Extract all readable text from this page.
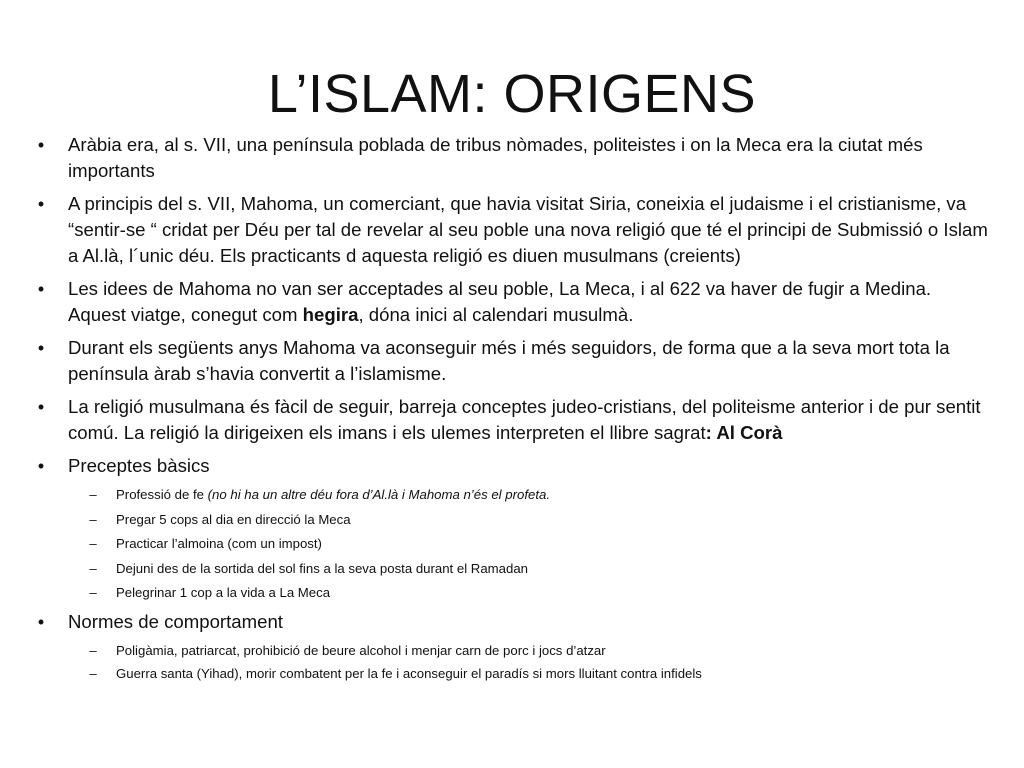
L’ISLAM: ORIGENS
• Aràbia era, al s. VII, una península poblada de tribus nòmades, politeistes i on la Meca era la ciutat més importants
• A principis del s. VII, Mahoma, un comerciant, que havia visitat Siria, coneixia el judaisme i el cristianisme, va “sentir-se “ cridat per Déu per tal de revelar al seu poble una nova religió que té el principi de Submissió o Islam a Al.là, l´unic déu. Els practicants d aquesta religió es diuen musulmans (creients)
• Les idees de Mahoma no van ser acceptades al seu poble, La Meca, i al 622 va haver de fugir a Medina. Aquest viatge, conegut com hegira, dóna inici al calendari musulmà.
• Durant els següents anys Mahoma va aconseguir més i més seguidors, de forma que a la seva mort tota la península àrab s’havia convertit a l’islamisme.
• La religió musulmana és fàcil de seguir, barreja conceptes judeo-cristians, del politeisme anterior i de pur sentit comú. La religió la dirigeixen els imans i els ulemes interpreten el llibre sagrat: Al Corà
• Preceptes bàsics
– Professió de fe (no hi ha un altre déu fora d’Al.là i Mahoma n’és el profeta.
– Pregar 5 cops al dia en direcció la Meca
– Practicar l’almoina (com un impost)
– Dejuni des de la sortida del sol fins a la seva posta durant el Ramadan
– Pelegrinar 1 cop a la vida a La Meca
• Normes de comportament
– Poligàmia, patriarcat, prohibició de beure alcohol i menjar carn de porc i jocs d’atzar
– Guerra santa (Yihad), morir combatent per la fe i aconseguir el paradís si mors lluitant contra infidels
